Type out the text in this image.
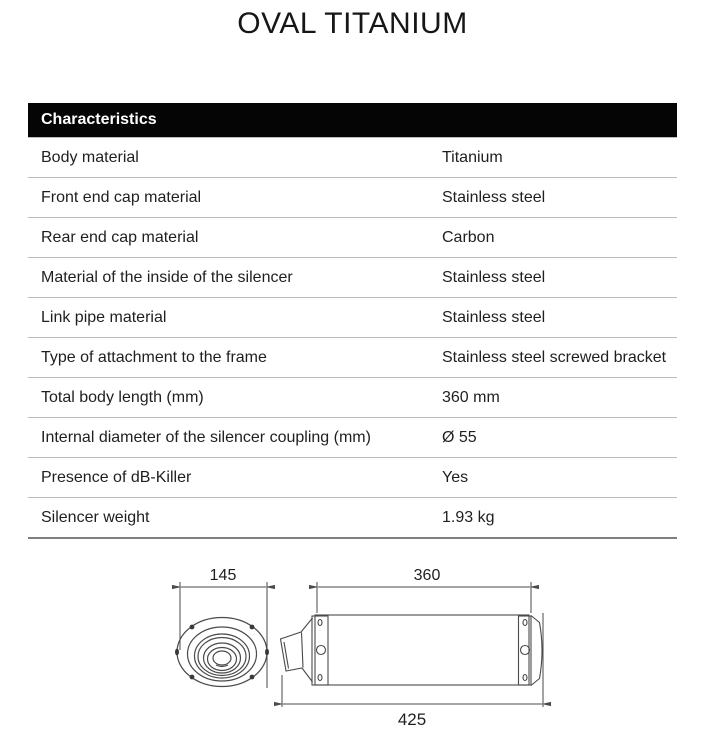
OVAL TITANIUM
Characteristics
Body material	Titanium
Front end cap material	Stainless steel
Rear end cap material	Carbon
Material of the inside of the silencer	Stainless steel
Link pipe material	Stainless steel
Type of attachment to the frame	Stainless steel screwed bracket
Total body length (mm)	360 mm
Internal diameter of the silencer coupling (mm)	Ø 55
Presence of dB-Killer	Yes
Silencer weight	1.93 kg
145	360
425
